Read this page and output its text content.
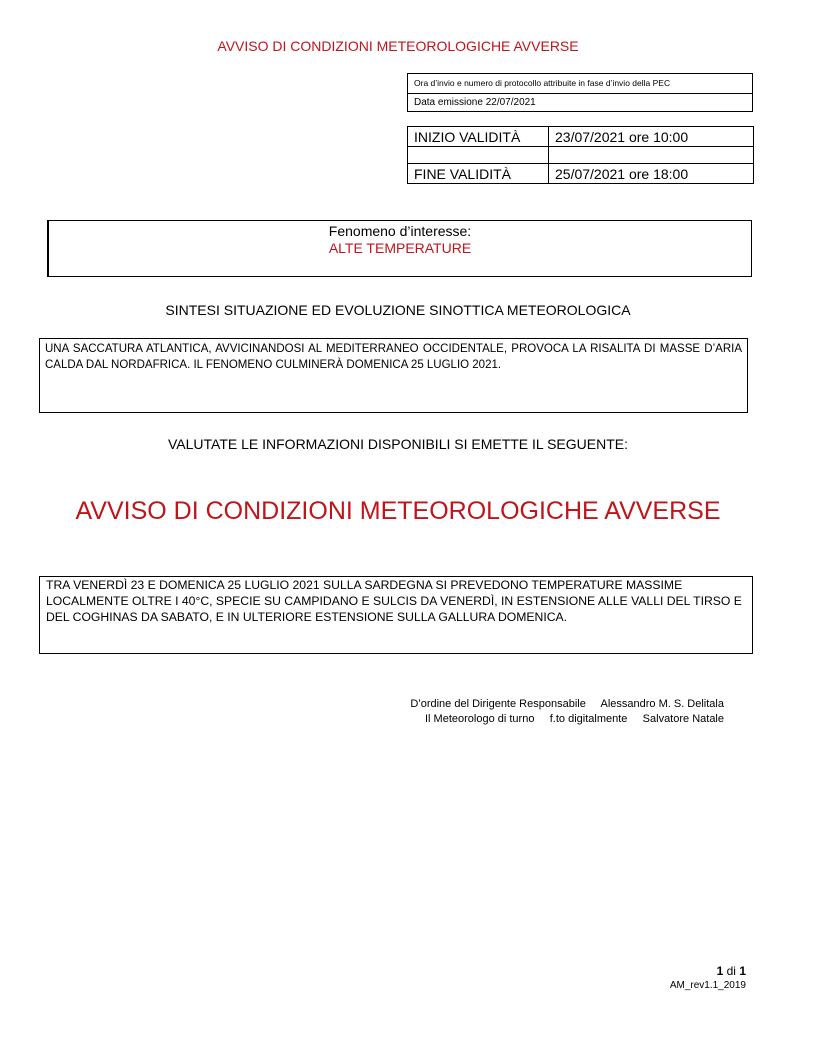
AVVISO DI CONDIZIONI METEOROLOGICHE AVVERSE
Ora d’invio e numero di protocollo attribuite in fase d’invio della PEC
Data emissione 22/07/2021
INIZIO VALIDITÀ	23/07/2021 ore 10:00

FINE VALIDITÀ	25/07/2021 ore 18:00
Fenomeno d’interesse:
ALTE TEMPERATURE
SINTESI SITUAZIONE ED EVOLUZIONE SINOTTICA METEOROLOGICA
UNA SACCATURA ATLANTICA, AVVICINANDOSI AL MEDITERRANEO OCCIDENTALE, PROVOCA LA RISALITA DI MASSE D’ARIA CALDA DAL NORDAFRICA. IL FENOMENO CULMINERÀ DOMENICA 25 LUGLIO 2021.
VALUTATE LE INFORMAZIONI DISPONIBILI SI EMETTE IL SEGUENTE:
AVVISO DI CONDIZIONI METEOROLOGICHE AVVERSE
TRA VENERDÌ 23 E DOMENICA 25 LUGLIO 2021 SULLA SARDEGNA SI PREVEDONO TEMPERATURE MASSIME LOCALMENTE OLTRE I 40°C, SPECIE SU CAMPIDANO E SULCIS DA VENERDÌ, IN ESTENSIONE ALLE VALLI DEL TIRSO E DEL COGHINAS DA SABATO, E IN ULTERIORE ESTENSIONE SULLA GALLURA DOMENICA.
D’ordine del Dirigente Responsabile     Alessandro M. S. Delitala
Il Meteorologo di turno     f.to digitalmente     Salvatore Natale
1 di 1
AM_rev1.1_2019
